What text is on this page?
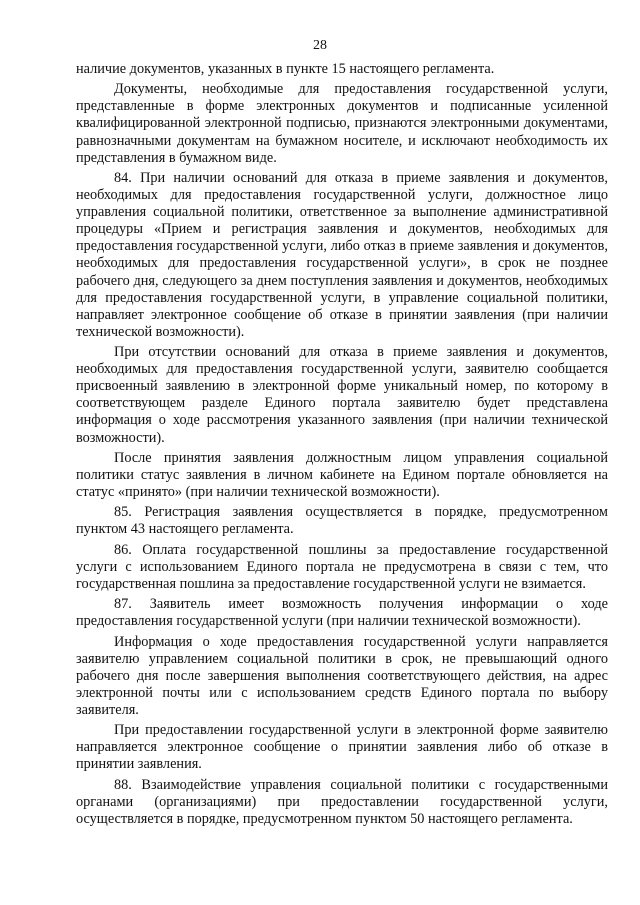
28

наличие документов, указанных в пункте 15 настоящего регламента.

Документы, необходимые для предоставления государственной услуги, представленные в форме электронных документов и подписанные усиленной квалифицированной электронной подписью, признаются электронными документами, равнозначными документам на бумажном носителе, и исключают необходимость их представления в бумажном виде.

84. При наличии оснований для отказа в приеме заявления и документов, необходимых для предоставления государственной услуги, должностное лицо управления социальной политики, ответственное за выполнение административной процедуры «Прием и регистрация заявления и документов, необходимых для предоставления государственной услуги, либо отказ в приеме заявления и документов, необходимых для предоставления государственной услуги», в срок не позднее рабочего дня, следующего за днем поступления заявления и документов, необходимых для предоставления государственной услуги, в управление социальной политики, направляет электронное сообщение об отказе в принятии заявления (при наличии технической возможности).

При отсутствии оснований для отказа в приеме заявления и документов, необходимых для предоставления государственной услуги, заявителю сообщается присвоенный заявлению в электронной форме уникальный номер, по которому в соответствующем разделе Единого портала заявителю будет представлена информация о ходе рассмотрения указанного заявления (при наличии технической возможности).

После принятия заявления должностным лицом управления социальной политики статус заявления в личном кабинете на Едином портале обновляется на статус «принято» (при наличии технической возможности).

85. Регистрация заявления осуществляется в порядке, предусмотренном пунктом 43 настоящего регламента.

86. Оплата государственной пошлины за предоставление государственной услуги с использованием Единого портала не предусмотрена в связи с тем, что государственная пошлина за предоставление государственной услуги не взимается.

87. Заявитель имеет возможность получения информации о ходе предоставления государственной услуги (при наличии технической возможности).

Информация о ходе предоставления государственной услуги направляется заявителю управлением социальной политики в срок, не превышающий одного рабочего дня после завершения выполнения соответствующего действия, на адрес электронной почты или с использованием средств Единого портала по выбору заявителя.

При предоставлении государственной услуги в электронной форме заявителю направляется электронное сообщение о принятии заявления либо об отказе в принятии заявления.

88. Взаимодействие управления социальной политики с государственными органами (организациями) при предоставлении государственной услуги, осуществляется в порядке, предусмотренном пунктом 50 настоящего регламента.
